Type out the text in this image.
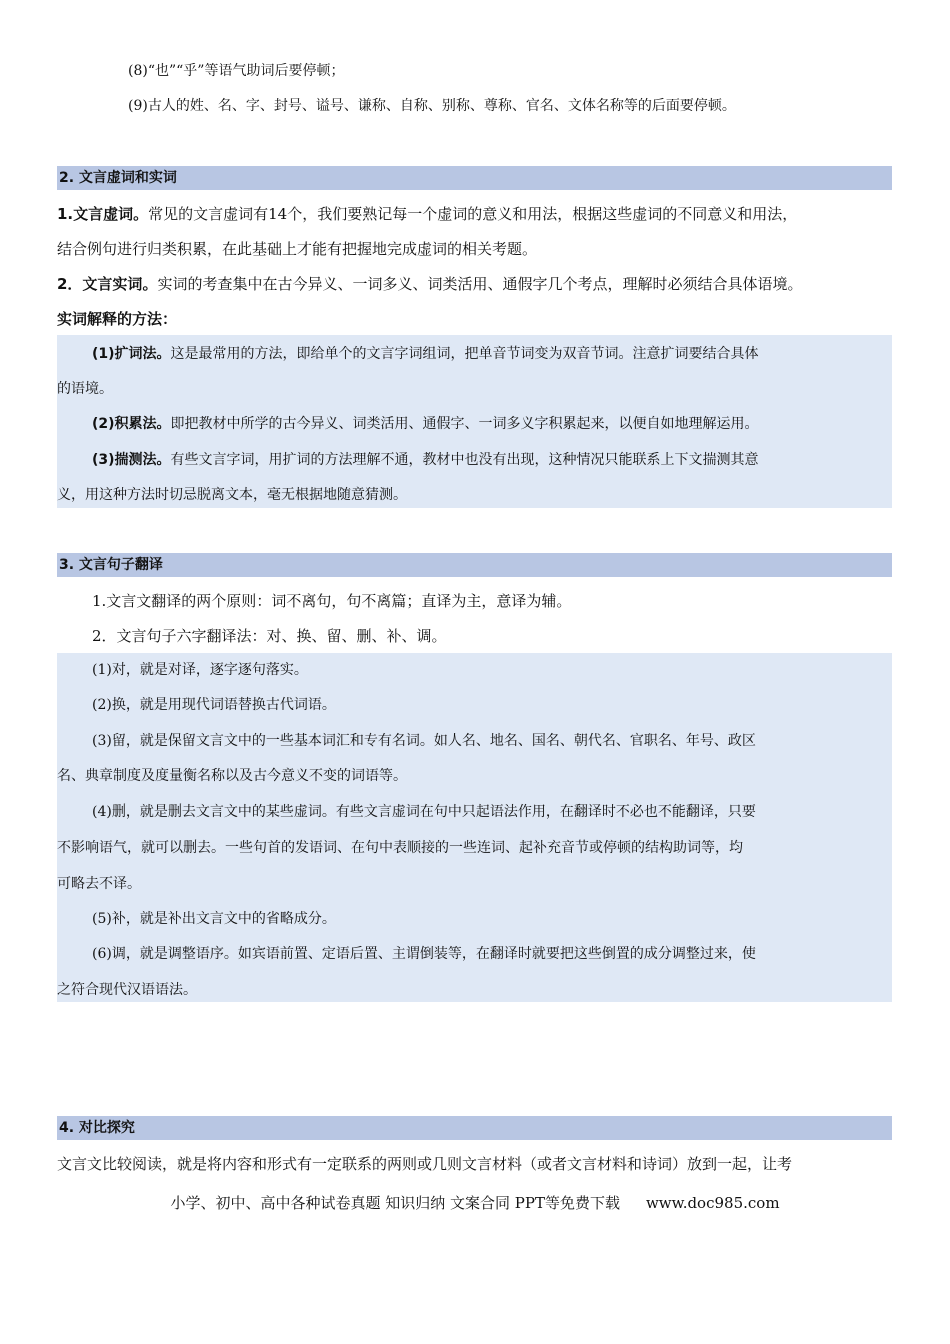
(8)“也”“乎”等语气助词后要停顿；
(9)古人的姓、名、字、封号、谥号、谦称、自称、别称、尊称、官名、文体名称等的后面要停顿。
2. 文言虚词和实词
1.文言虚词。常见的文言虚词有14个，我们要熟记每一个虚词的意义和用法，根据这些虚词的不同意义和用法，
结合例句进行归类积累，在此基础上才能有把握地完成虚词的相关考题。
2．文言实词。实词的考查集中在古今异义、一词多义、词类活用、通假字几个考点，理解时必须结合具体语境。
实词解释的方法：
(1)扩词法。这是最常用的方法，即给单个的文言字词组词，把单音节词变为双音节词。注意扩词要结合具体
的语境。
(2)积累法。即把教材中所学的古今异义、词类活用、通假字、一词多义字积累起来，以便自如地理解运用。
(3)揣测法。有些文言字词，用扩词的方法理解不通，教材中也没有出现，这种情况只能联系上下文揣测其意
义，用这种方法时切忌脱离文本，毫无根据地随意猜测。
3. 文言句子翻译
1.文言文翻译的两个原则：词不离句，句不离篇；直译为主，意译为辅。
2．文言句子六字翻译法：对、换、留、删、补、调。
(1)对，就是对译，逐字逐句落实。
(2)换，就是用现代词语替换古代词语。
(3)留，就是保留文言文中的一些基本词汇和专有名词。如人名、地名、国名、朝代名、官职名、年号、政区
名、典章制度及度量衡名称以及古今意义不变的词语等。
(4)删，就是删去文言文中的某些虚词。有些文言虚词在句中只起语法作用，在翻译时不必也不能翻译，只要
不影响语气，就可以删去。一些句首的发语词、在句中表顺接的一些连词、起补充音节或停顿的结构助词等，均
可略去不译。
(5)补，就是补出文言文中的省略成分。
(6)调，就是调整语序。如宾语前置、定语后置、主谓倒装等，在翻译时就要把这些倒置的成分调整过来，使
之符合现代汉语语法。
4. 对比探究
文言文比较阅读，就是将内容和形式有一定联系的两则或几则文言材料（或者文言材料和诗词）放到一起，让考
小学、初中、高中各种试卷真题 知识归纳 文案合同 PPT等免费下载 www.doc985.com
